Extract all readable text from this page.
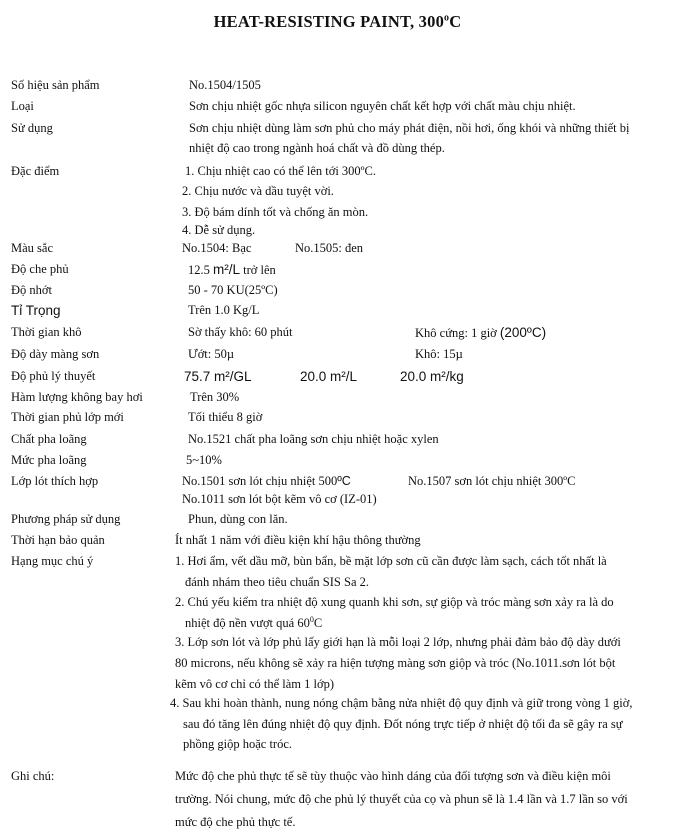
HEAT-RESISTING PAINT, 300$^o$C
Số hiệu sản phẩm	No.1504/1505
Loại	Sơn chịu nhiệt gốc nhựa silicon nguyên chất kết hợp với chất màu chịu nhiệt.
Sử dụng	Sơn chịu nhiệt dùng làm sơn phủ cho máy phát điện, nồi hơi, ống khói và những thiết bị
nhiệt độ cao trong ngành hoá chất và đồ dùng thép.
Đặc điểm	1. Chịu nhiệt cao có thể lên tới 300ºC.
2. Chịu nước và dầu tuyệt vời.
3. Độ bám dính tốt và chống ăn mòn.
4. Dễ sử dụng.
Màu sắc	No.1504: Bạc	No.1505: đen
Độ che phủ	12.5 m²/L trở lên
Độ nhớt	50 - 70 KU(25ºC)
Tỉ Trọng	Trên 1.0 Kg/L
Thời gian khô	Sờ thấy khô: 60 phút	Khô cứng: 1 giờ (200ºC)
Độ dày màng sơn	Ướt: 50µ	Khô: 15µ
Độ phủ lý thuyết	75.7 m²/GL	20.0 m²/L	20.0 m²/kg
Hàm lượng không bay hơi	Trên 30%
Thời gian phủ lớp mới	Tối thiểu 8 giờ
Chất pha loãng	No.1521 chất pha loãng sơn chịu nhiệt hoặc xylen
Mức pha loãng	5~10%
Lớp lót thích hợp	No.1501 sơn lót chịu nhiệt 500ºC	No.1507 sơn lót chịu nhiệt 300ºC
No.1011 sơn lót bột kẽm vô cơ (IZ-01)
Phương pháp sử dụng	Phun, dùng con lăn.
Thời hạn bảo quản	Ít nhất 1 năm với điều kiện khí hậu thông thường
Hạng mục chú ý	1. Hơi ẩm, vết dầu mỡ, bùn bẩn, bề mặt lớp sơn cũ cần được làm sạch, cách tốt nhất là
đánh nhám theo tiêu chuẩn SIS Sa 2.
2. Chú yếu kiểm tra nhiệt độ xung quanh khi sơn, sự giộp và tróc màng sơn xảy ra là do
nhiệt độ nền vượt quá $60^0C$
3. Lớp sơn lót và lớp phủ lấy giới hạn là mỗi loại 2 lớp, nhưng phải đảm bảo độ dày dưới
80 microns, nếu không sẽ xảy ra hiện tượng màng sơn giộp và tróc (No.1011.sơn lót bột
kẽm vô cơ chỉ có thể làm 1 lớp)
4. Sau khi hoàn thành, nung nóng chậm bằng nửa nhiệt độ quy định và giữ trong vòng 1 giờ,
sau đó tăng lên đúng nhiệt độ quy định. Đốt nóng trực tiếp ở nhiệt độ tối đa sẽ gây ra sự
phồng giộp hoặc tróc.
Ghi chú:	Mức độ che phủ thực tế sẽ tùy thuộc vào hình dáng của đối tượng sơn và điều kiện môi
trường. Nói chung, mức độ che phủ lý thuyết của cọ và phun sẽ là 1.4 lần và 1.7 lần so với
mức độ che phủ thực tế.
